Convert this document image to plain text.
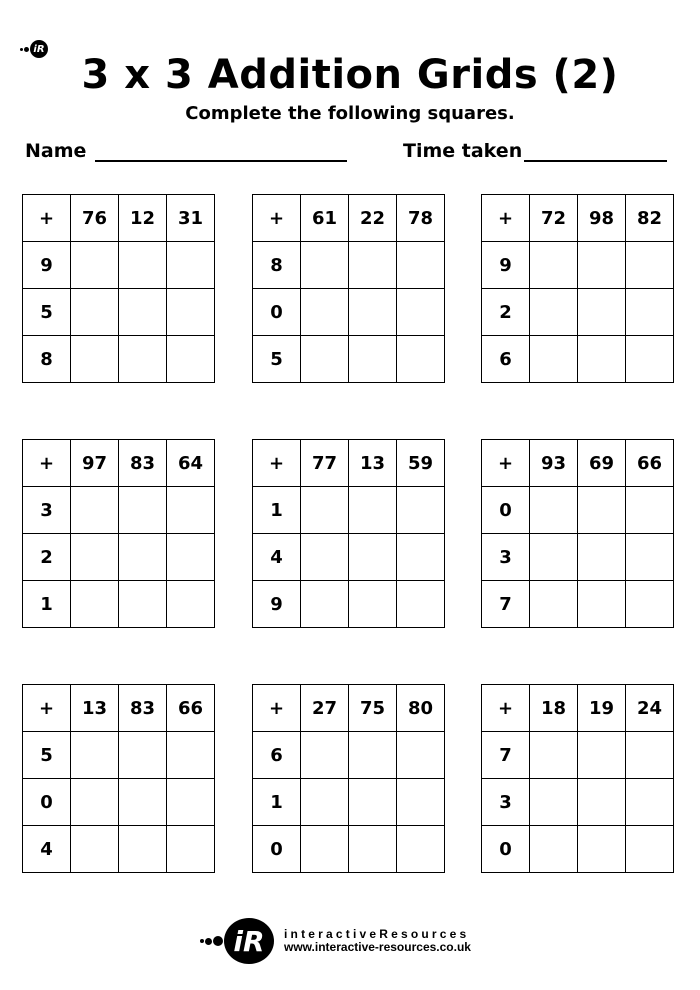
iR
3 x 3 Addition Grids (2)
Complete the following squares.
Name	Time taken
+	76	12	31
9			
5			
8			
+	61	22	78
8			
0			
5			
+	72	98	82
9			
2			
6			
+	97	83	64
3			
2			
1			
+	77	13	59
1			
4			
9			
+	93	69	66
0			
3			
7			
+	13	83	66
5			
0			
4			
+	27	75	80
6			
1			
0			
+	18	19	24
7			
3			
0			
iR	interactiveResources
www.interactive-resources.co.uk
